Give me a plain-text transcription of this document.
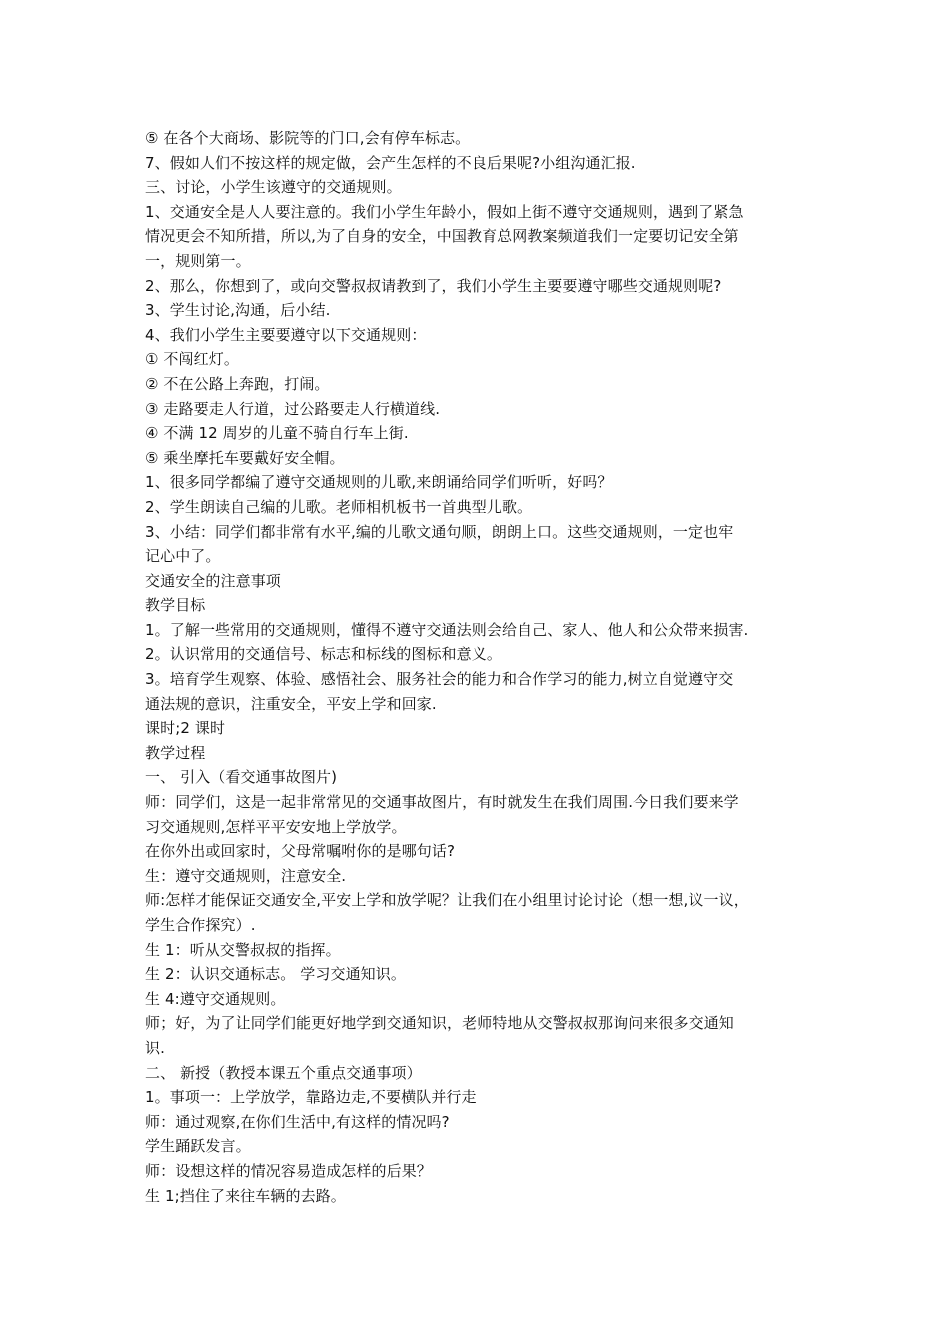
⑤ 在各个大商场、影院等的门口,会有停车标志。
7、假如人们不按这样的规定做，会产生怎样的不良后果呢?小组沟通汇报.
三、讨论，小学生该遵守的交通规则。
1、交通安全是人人要注意的。我们小学生年龄小，假如上街不遵守交通规则，遇到了紧急
情况更会不知所措，所以,为了自身的安全，中国教育总网教案频道我们一定要切记安全第
一，规则第一。
2、那么，你想到了，或向交警叔叔请教到了，我们小学生主要要遵守哪些交通规则呢?
3、学生讨论,沟通，后小结.
4、我们小学生主要要遵守以下交通规则：
① 不闯红灯。
② 不在公路上奔跑，打闹。
③ 走路要走人行道，过公路要走人行横道线.
④ 不满 12 周岁的儿童不骑自行车上街.
⑤ 乘坐摩托车要戴好安全帽。
1、很多同学都编了遵守交通规则的儿歌,来朗诵给同学们听听，好吗？
2、学生朗读自己编的儿歌。老师相机板书一首典型儿歌。
3、小结：同学们都非常有水平,编的儿歌文通句顺，朗朗上口。这些交通规则，一定也牢
记心中了。
交通安全的注意事项
教学目标
1。了解一些常用的交通规则，懂得不遵守交通法则会给自己、家人、他人和公众带来损害.
2。认识常用的交通信号、标志和标线的图标和意义。
3。培育学生观察、体验、感悟社会、服务社会的能力和合作学习的能力,树立自觉遵守交
通法规的意识，注重安全，平安上学和回家.
课时;2 课时
教学过程
一、 引入（看交通事故图片)
师：同学们，这是一起非常常见的交通事故图片，有时就发生在我们周围.今日我们要来学
习交通规则,怎样平平安安地上学放学。
在你外出或回家时，父母常嘱咐你的是哪句话?
生：遵守交通规则，注意安全.
师:怎样才能保证交通安全,平安上学和放学呢？让我们在小组里讨论讨论（想一想,议一议，
学生合作探究）.
生 1：听从交警叔叔的指挥。
生 2：认识交通标志。 学习交通知识。
生 4:遵守交通规则。
师；好，为了让同学们能更好地学到交通知识，老师特地从交警叔叔那询问来很多交通知
识.
二、 新授（教授本课五个重点交通事项）
1。事项一：上学放学，靠路边走,不要横队并行走
师：通过观察,在你们生活中,有这样的情况吗?
学生踊跃发言。
师：设想这样的情况容易造成怎样的后果？
生 1;挡住了来往车辆的去路。
